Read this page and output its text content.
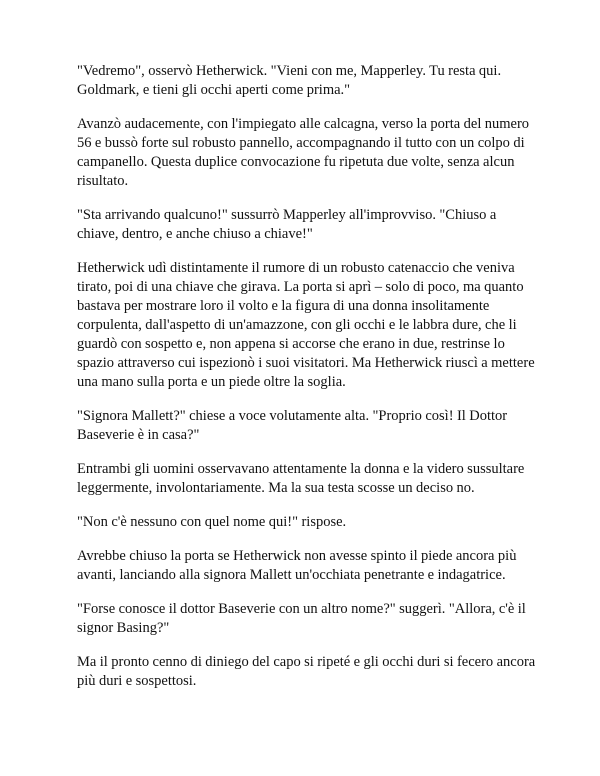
"Vedremo", osservò Hetherwick. "Vieni con me, Mapperley. Tu resta qui. Goldmark, e tieni gli occhi aperti come prima."

Avanzò audacemente, con l'impiegato alle calcagna, verso la porta del numero 56 e bussò forte sul robusto pannello, accompagnando il tutto con un colpo di campanello. Questa duplice convocazione fu ripetuta due volte, senza alcun risultato.

"Sta arrivando qualcuno!" sussurrò Mapperley all'improvviso. "Chiuso a chiave, dentro, e anche chiuso a chiave!"

Hetherwick udì distintamente il rumore di un robusto catenaccio che veniva tirato, poi di una chiave che girava. La porta si aprì – solo di poco, ma quanto bastava per mostrare loro il volto e la figura di una donna insolitamente corpulenta, dall'aspetto di un'amazzone, con gli occhi e le labbra dure, che li guardò con sospetto e, non appena si accorse che erano in due, restrinse lo spazio attraverso cui ispezionò i suoi visitatori. Ma Hetherwick riuscì a mettere una mano sulla porta e un piede oltre la soglia.

"Signora Mallett?" chiese a voce volutamente alta. "Proprio così! Il Dottor Baseverie è in casa?"

Entrambi gli uomini osservavano attentamente la donna e la videro sussultare leggermente, involontariamente. Ma la sua testa scosse un deciso no.

"Non c'è nessuno con quel nome qui!" rispose.

Avrebbe chiuso la porta se Hetherwick non avesse spinto il piede ancora più avanti, lanciando alla signora Mallett un'occhiata penetrante e indagatrice.

"Forse conosce il dottor Baseverie con un altro nome?" suggerì. "Allora, c'è il signor Basing?"

Ma il pronto cenno di diniego del capo si ripeté e gli occhi duri si fecero ancora più duri e sospettosi.
